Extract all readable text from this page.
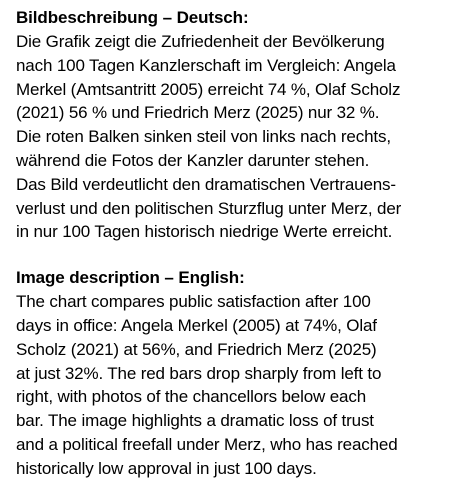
Bildbeschreibung – Deutsch:

Die Grafik zeigt die Zufriedenheit der Bevölkerung
nach 100 Tagen Kanzlerschaft im Vergleich: Angela
Merkel (Amtsantritt 2005) erreicht 74 %, Olaf Scholz
(2021) 56 % und Friedrich Merz (2025) nur 32 %.
Die roten Balken sinken steil von links nach rechts,
während die Fotos der Kanzler darunter stehen.
Das Bild verdeutlicht den dramatischen Vertrauens-
verlust und den politischen Sturzflug unter Merz, der
in nur 100 Tagen historisch niedrige Werte erreicht.

Image description – English:

The chart compares public satisfaction after 100
days in office: Angela Merkel (2005) at 74%, Olaf
Scholz (2021) at 56%, and Friedrich Merz (2025)
at just 32%. The red bars drop sharply from left to
right, with photos of the chancellors below each
bar. The image highlights a dramatic loss of trust
and a political freefall under Merz, who has reached
historically low approval in just 100 days.
